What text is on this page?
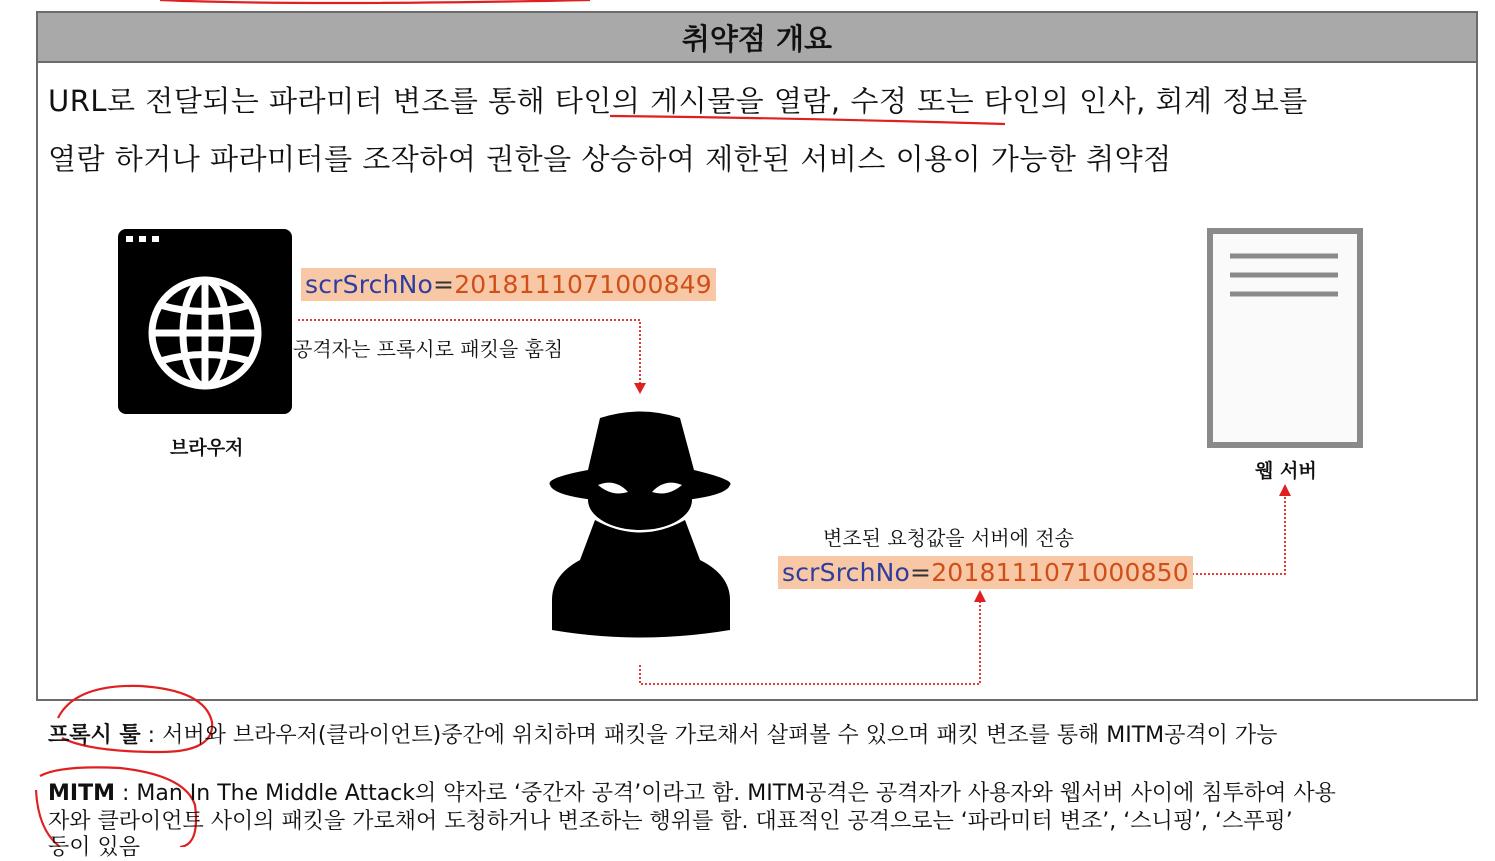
취약점 개요
URL로 전달되는 파라미터 변조를 통해 타인의 게시물을 열람, 수정 또는 타인의 인사, 회계 정보를
열람 하거나 파라미터를 조작하여 권한을 상승하여 제한된 서비스 이용이 가능한 취약점
브라우저
웹 서버
scrSrchNo=2018111071000849
공격자는 프록시로 패킷을 훔침
변조된 요청값을 서버에 전송
scrSrchNo=2018111071000850
프록시 툴 : 서버와 브라우저(클라이언트)중간에 위치하며 패킷을 가로채서 살펴볼 수 있으며 패킷 변조를 통해 MITM공격이 가능
MITM : Man In The Middle Attack의 약자로 ‘중간자 공격’이라고 함. MITM공격은 공격자가 사용자와 웹서버 사이에 침투하여 사용
자와 클라이언트 사이의 패킷을 가로채어 도청하거나 변조하는 행위를 함. 대표적인 공격으로는 ‘파라미터 변조’, ‘스니핑’, ‘스푸핑’
등이 있음
